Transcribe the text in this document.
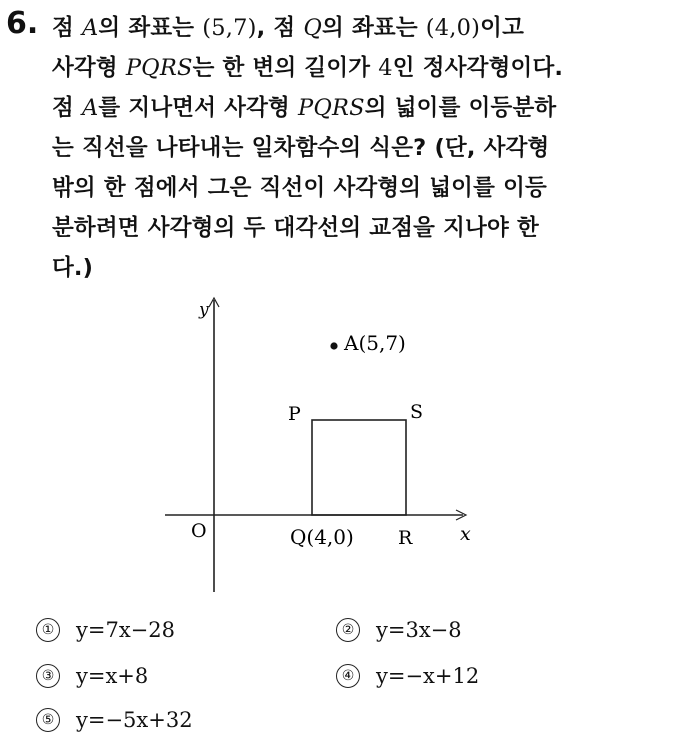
6. 점 A의 좌표는 (5,7), 점 Q의 좌표는 (4,0)이고
사각형 PQRS는 한 변의 길이가 4인 정사각형이다.
점 A를 지나면서 사각형 PQRS의 넓이를 이등분하
는 직선을 나타내는 일차함수의 식은? (단, 사각형
밖의 한 점에서 그은 직선이 사각형의 넓이를 이등
분하려면 사각형의 두 대각선의 교점을 지나야 한
다.)
y
x
O
A(5,7)
P	S
Q(4,0) R
① y=7x−28	② y=3x−8
③ y=x+8	④ y=−x+12
⑤ y=−5x+32
